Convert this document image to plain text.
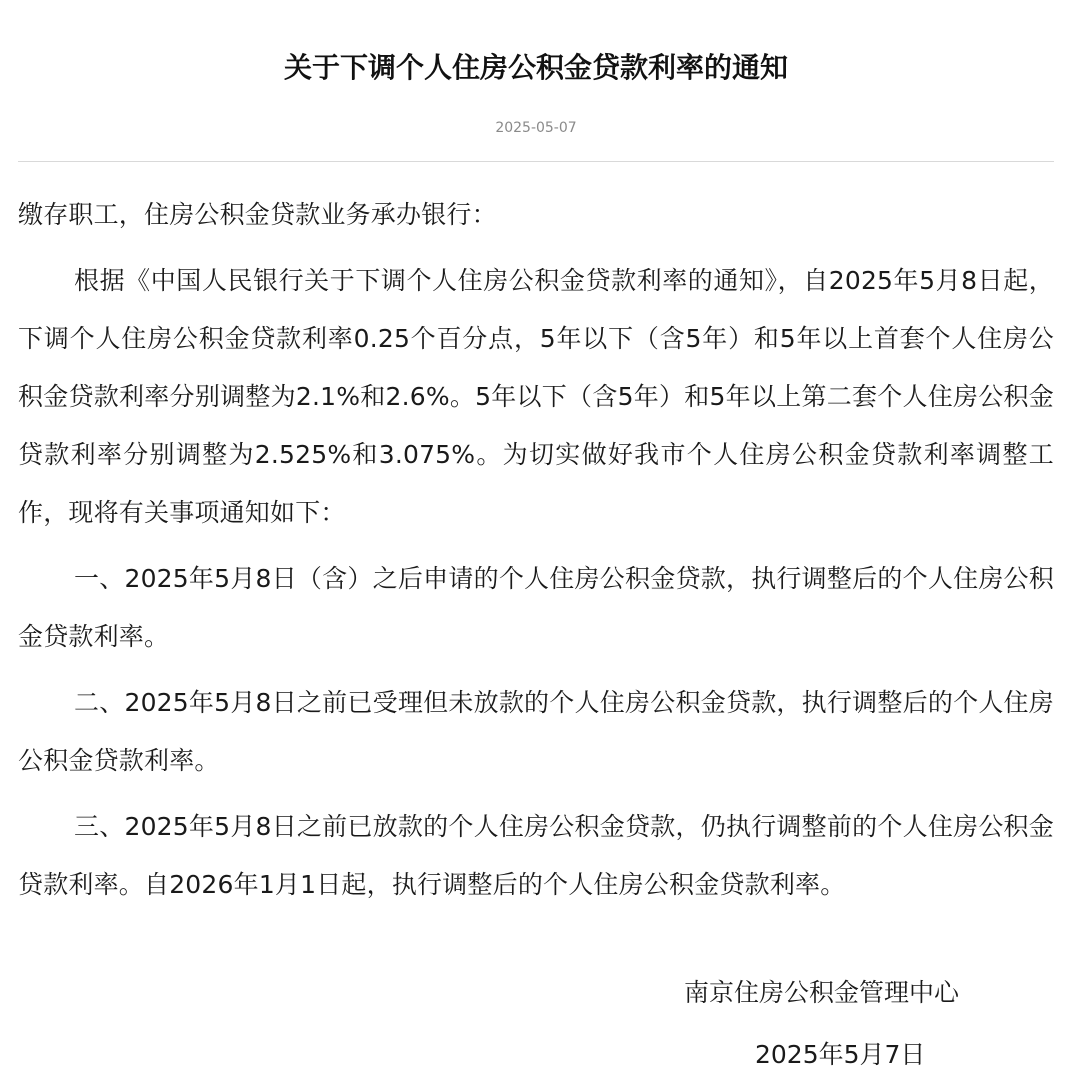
关于下调个人住房公积金贷款利率的通知
2025-05-07

缴存职工，住房公积金贷款业务承办银行：

根据《中国人民银行关于下调个人住房公积金贷款利率的通知》，自2025年5月8日起，下调个人住房公积金贷款利率0.25个百分点，5年以下（含5年）和5年以上首套个人住房公积金贷款利率分别调整为2.1%和2.6%。5年以下（含5年）和5年以上第二套个人住房公积金贷款利率分别调整为2.525%和3.075%。为切实做好我市个人住房公积金贷款利率调整工作，现将有关事项通知如下：

一、2025年5月8日（含）之后申请的个人住房公积金贷款，执行调整后的个人住房公积金贷款利率。

二、2025年5月8日之前已受理但未放款的个人住房公积金贷款，执行调整后的个人住房公积金贷款利率。

三、2025年5月8日之前已放款的个人住房公积金贷款，仍执行调整前的个人住房公积金贷款利率。自2026年1月1日起，执行调整后的个人住房公积金贷款利率。

南京住房公积金管理中心
2025年5月7日
